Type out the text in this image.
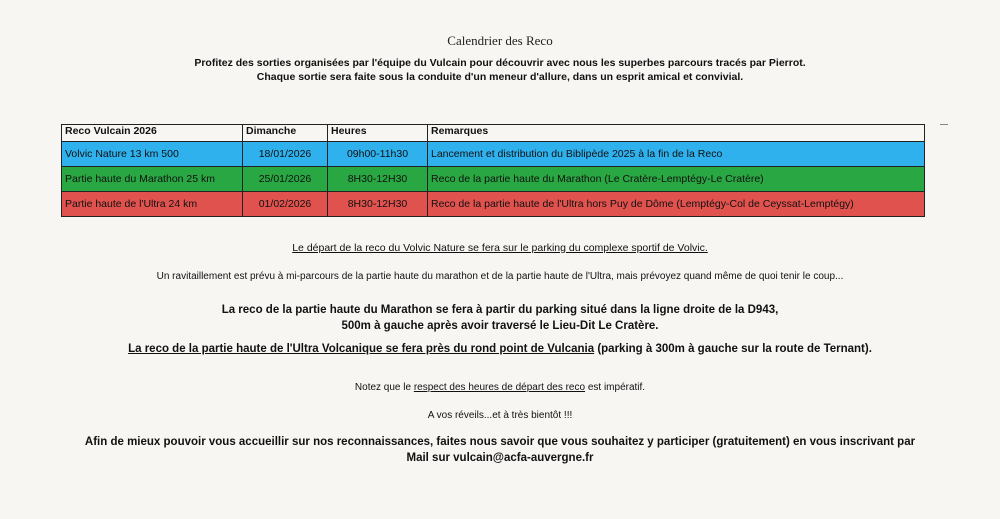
Calendrier des Reco
Profitez des sorties organisées par l'équipe du Vulcain pour découvrir avec nous les superbes parcours tracés par Pierrot.
Chaque sortie sera faite sous la conduite d'un meneur d'allure, dans un esprit amical et convivial.
Reco Vulcain 2026	Dimanche	Heures	Remarques
Volvic Nature 13 km 500	18/01/2026	09h00-11h30	Lancement et distribution du Biblipède 2025 à la fin de la Reco
Partie haute du Marathon 25 km	25/01/2026	8H30-12H30	Reco de la partie haute du Marathon (Le Cratère-Lemptégy-Le Cratère)
Partie haute de l'Ultra 24 km	01/02/2026	8H30-12H30	Reco de la partie haute de l'Ultra hors Puy de Dôme (Lemptégy-Col de Ceyssat-Lemptégy)
Le départ de la reco du Volvic Nature se fera sur le parking du complexe sportif de Volvic.
Un ravitaillement est prévu à mi-parcours de la partie haute du marathon et de la partie haute de l'Ultra, mais prévoyez quand même de quoi tenir le coup...
La reco de la partie haute du Marathon se fera à partir du parking situé dans la ligne droite de la D943,
500m à gauche après avoir traversé le Lieu-Dit Le Cratère.
La reco de la partie haute de l'Ultra Volcanique se fera près du rond point de Vulcania (parking à 300m à gauche sur la route de Ternant).
Notez que le respect des heures de départ des reco est impératif.
A vos réveils...et à très bientôt !!!
Afin de mieux pouvoir vous accueillir sur nos reconnaissances, faites nous savoir que vous souhaitez y participer (gratuitement) en vous inscrivant par
Mail sur vulcain@acfa-auvergne.fr
